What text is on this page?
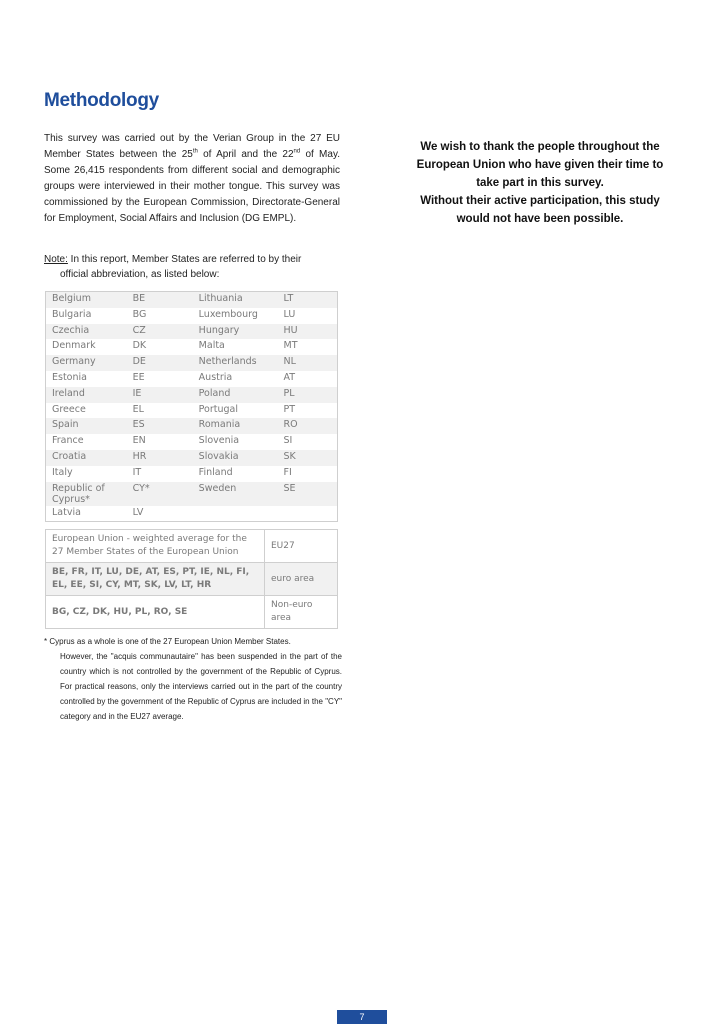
Methodology
This survey was carried out by the Verian Group in the 27 EU Member States between the 25th of April and the 22nd of May. Some 26,415 respondents from different social and demographic groups were interviewed in their mother tongue. This survey was commissioned by the European Commission, Directorate-General for Employment, Social Affairs and Inclusion (DG EMPL).
Note: In this report, Member States are referred to by their
official abbreviation, as listed below:

We wish to thank the people throughout the

European Union who have given their time to

take part in this survey.

Without their active participation, this study

would not have been possible.

Belgium	BE	Lithuania	LT
Bulgaria	BG	Luxembourg	LU
Czechia	CZ	Hungary	HU
Denmark	DK	Malta	MT
Germany	DE	Netherlands	NL
Estonia	EE	Austria	AT
Ireland	IE	Poland	PL
Greece	EL	Portugal	PT
Spain	ES	Romania	RO
France	EN	Slovenia	SI
Croatia	HR	Slovakia	SK
Italy	IT	Finland	FI
Republic of Cyprus*	CY*	Sweden	SE
Latvia	LV		
European Union - weighted average for the 27 Member States of the European Union	EU27
BE, FR, IT, LU, DE, AT, ES, PT, IE, NL, FI, EL, EE, SI, CY, MT, SK, LV, LT, HR	euro area
BG, CZ, DK, HU, PL, RO, SE	Non-euro area
* Cyprus as a whole is one of the 27 European Union Member States.
However, the "acquis communautaire" has been suspended in the part of the country which is not controlled by the government of the Republic of Cyprus. For practical reasons, only the interviews carried out in the part of the country controlled by the government of the Republic of Cyprus are included in the "CY" category and in the EU27 average.
7
